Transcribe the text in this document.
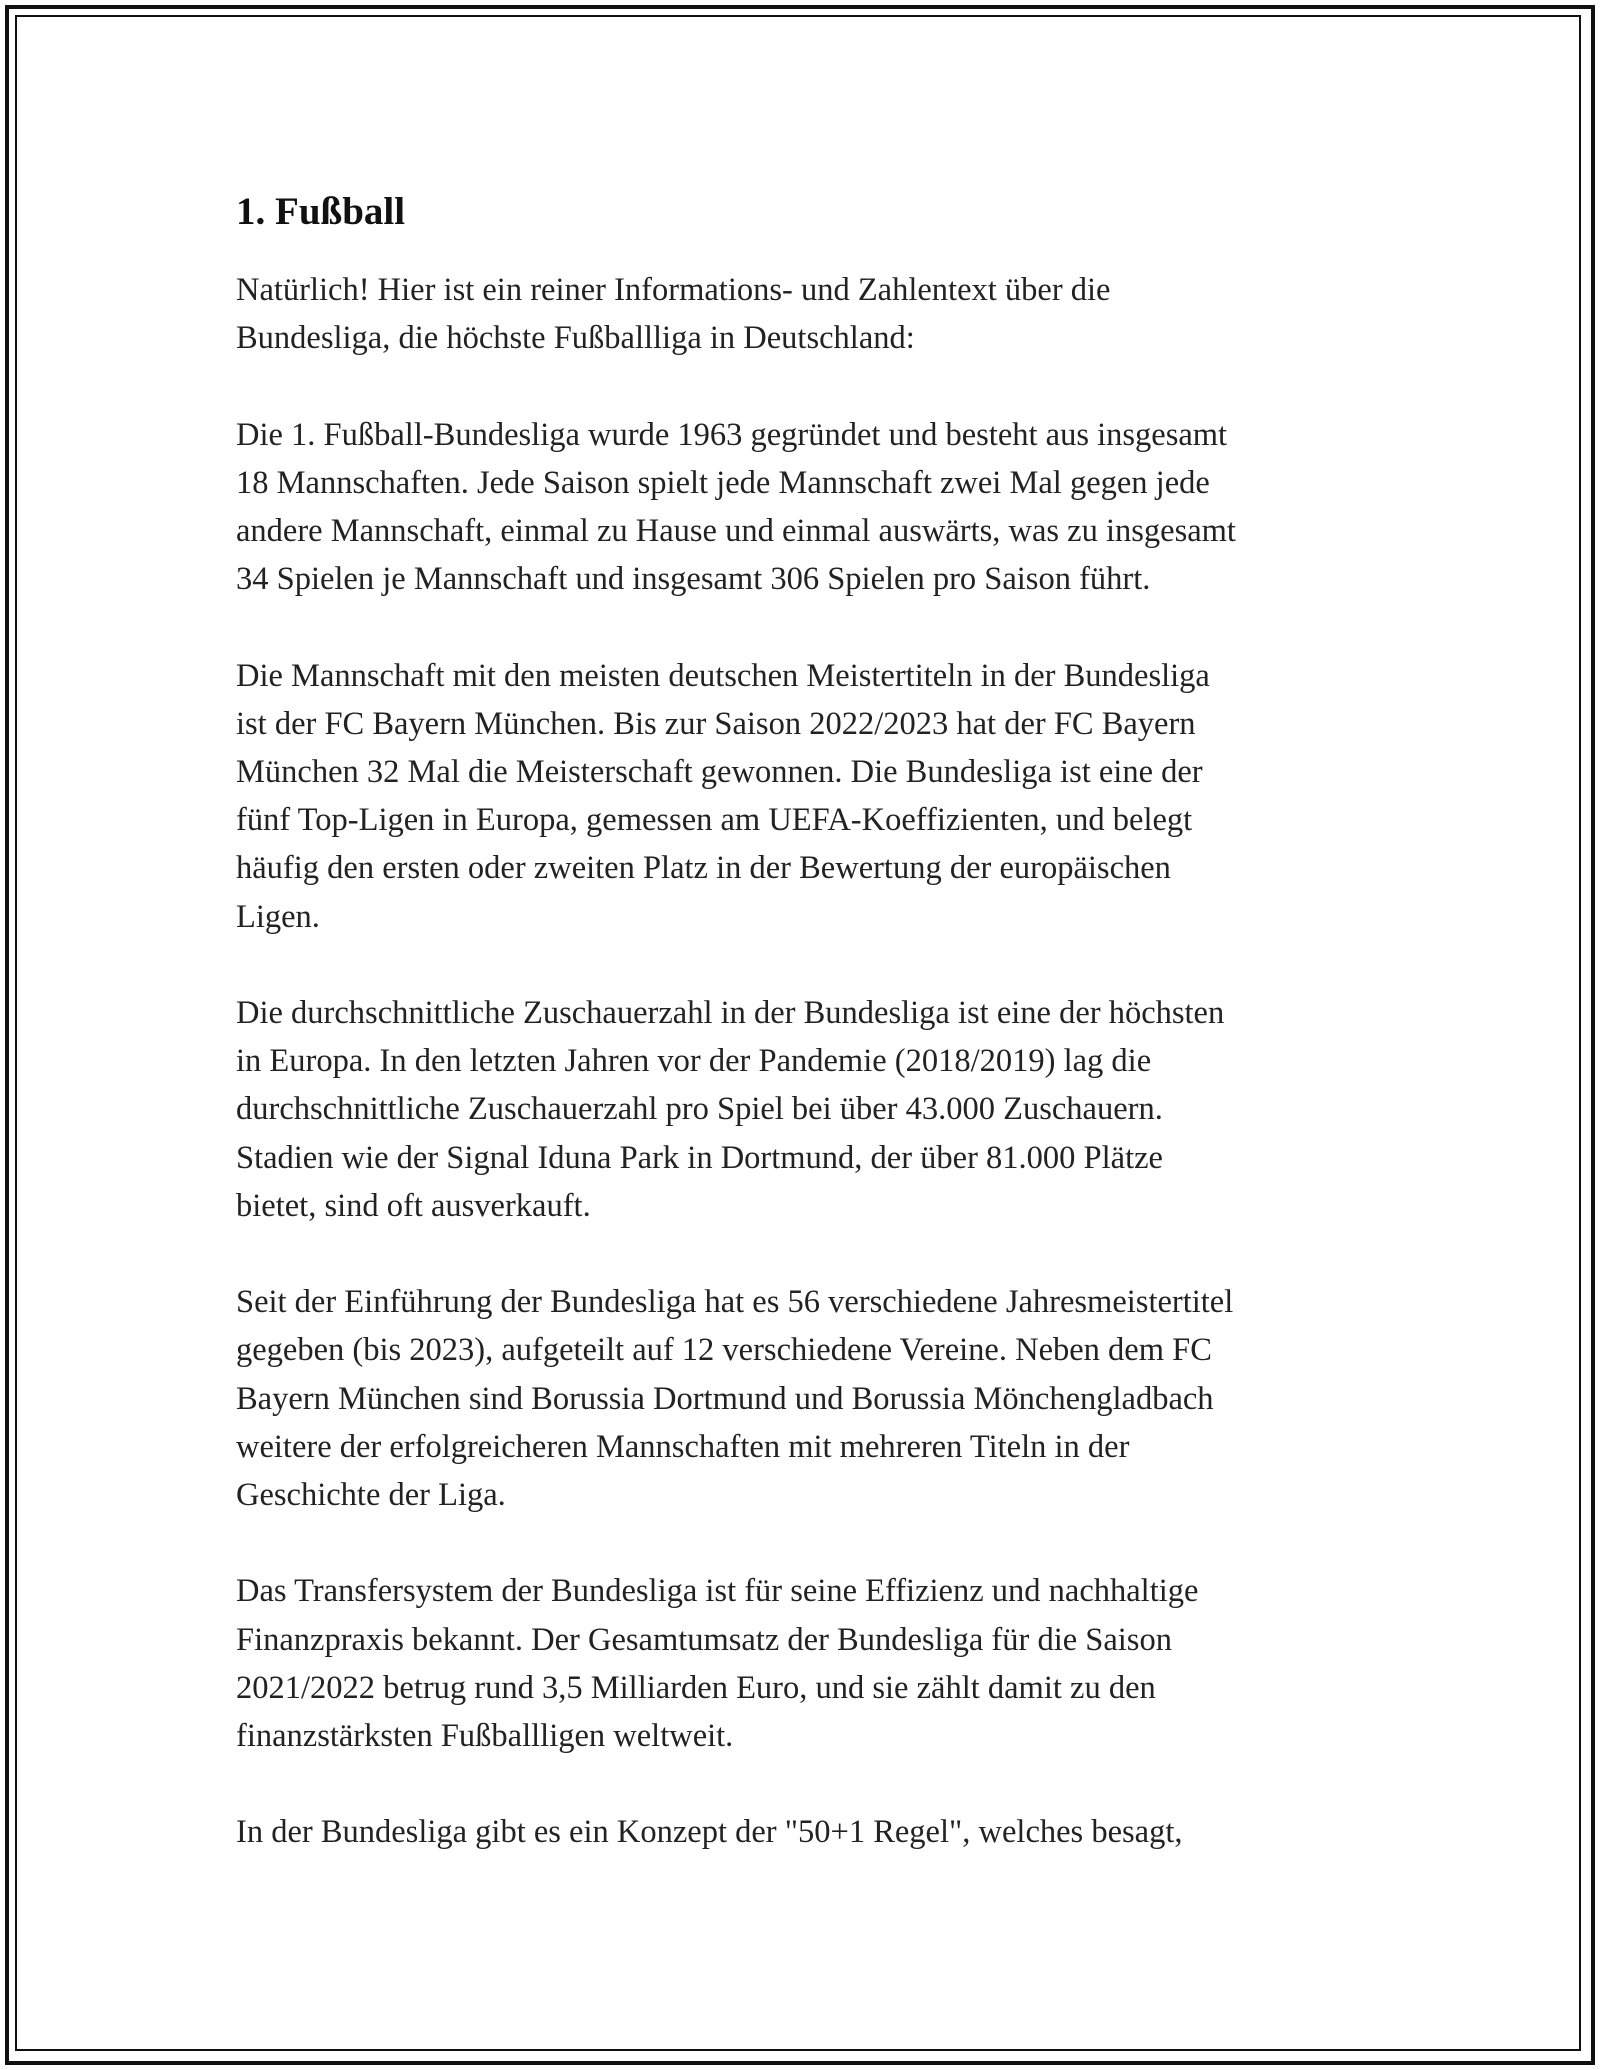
1. Fußball

Natürlich! Hier ist ein reiner Informations- und Zahlentext über die
Bundesliga, die höchste Fußballliga in Deutschland:

Die 1. Fußball-Bundesliga wurde 1963 gegründet und besteht aus insgesamt
18 Mannschaften. Jede Saison spielt jede Mannschaft zwei Mal gegen jede
andere Mannschaft, einmal zu Hause und einmal auswärts, was zu insgesamt
34 Spielen je Mannschaft und insgesamt 306 Spielen pro Saison führt.

Die Mannschaft mit den meisten deutschen Meistertiteln in der Bundesliga
ist der FC Bayern München. Bis zur Saison 2022/2023 hat der FC Bayern
München 32 Mal die Meisterschaft gewonnen. Die Bundesliga ist eine der
fünf Top-Ligen in Europa, gemessen am UEFA-Koeffizienten, und belegt
häufig den ersten oder zweiten Platz in der Bewertung der europäischen
Ligen.

Die durchschnittliche Zuschauerzahl in der Bundesliga ist eine der höchsten
in Europa. In den letzten Jahren vor der Pandemie (2018/2019) lag die
durchschnittliche Zuschauerzahl pro Spiel bei über 43.000 Zuschauern.
Stadien wie der Signal Iduna Park in Dortmund, der über 81.000 Plätze
bietet, sind oft ausverkauft.

Seit der Einführung der Bundesliga hat es 56 verschiedene Jahresmeistertitel
gegeben (bis 2023), aufgeteilt auf 12 verschiedene Vereine. Neben dem FC
Bayern München sind Borussia Dortmund und Borussia Mönchengladbach
weitere der erfolgreicheren Mannschaften mit mehreren Titeln in der
Geschichte der Liga.

Das Transfersystem der Bundesliga ist für seine Effizienz und nachhaltige
Finanzpraxis bekannt. Der Gesamtumsatz der Bundesliga für die Saison
2021/2022 betrug rund 3,5 Milliarden Euro, und sie zählt damit zu den
finanzstärksten Fußballligen weltweit.

In der Bundesliga gibt es ein Konzept der "50+1 Regel", welches besagt,
